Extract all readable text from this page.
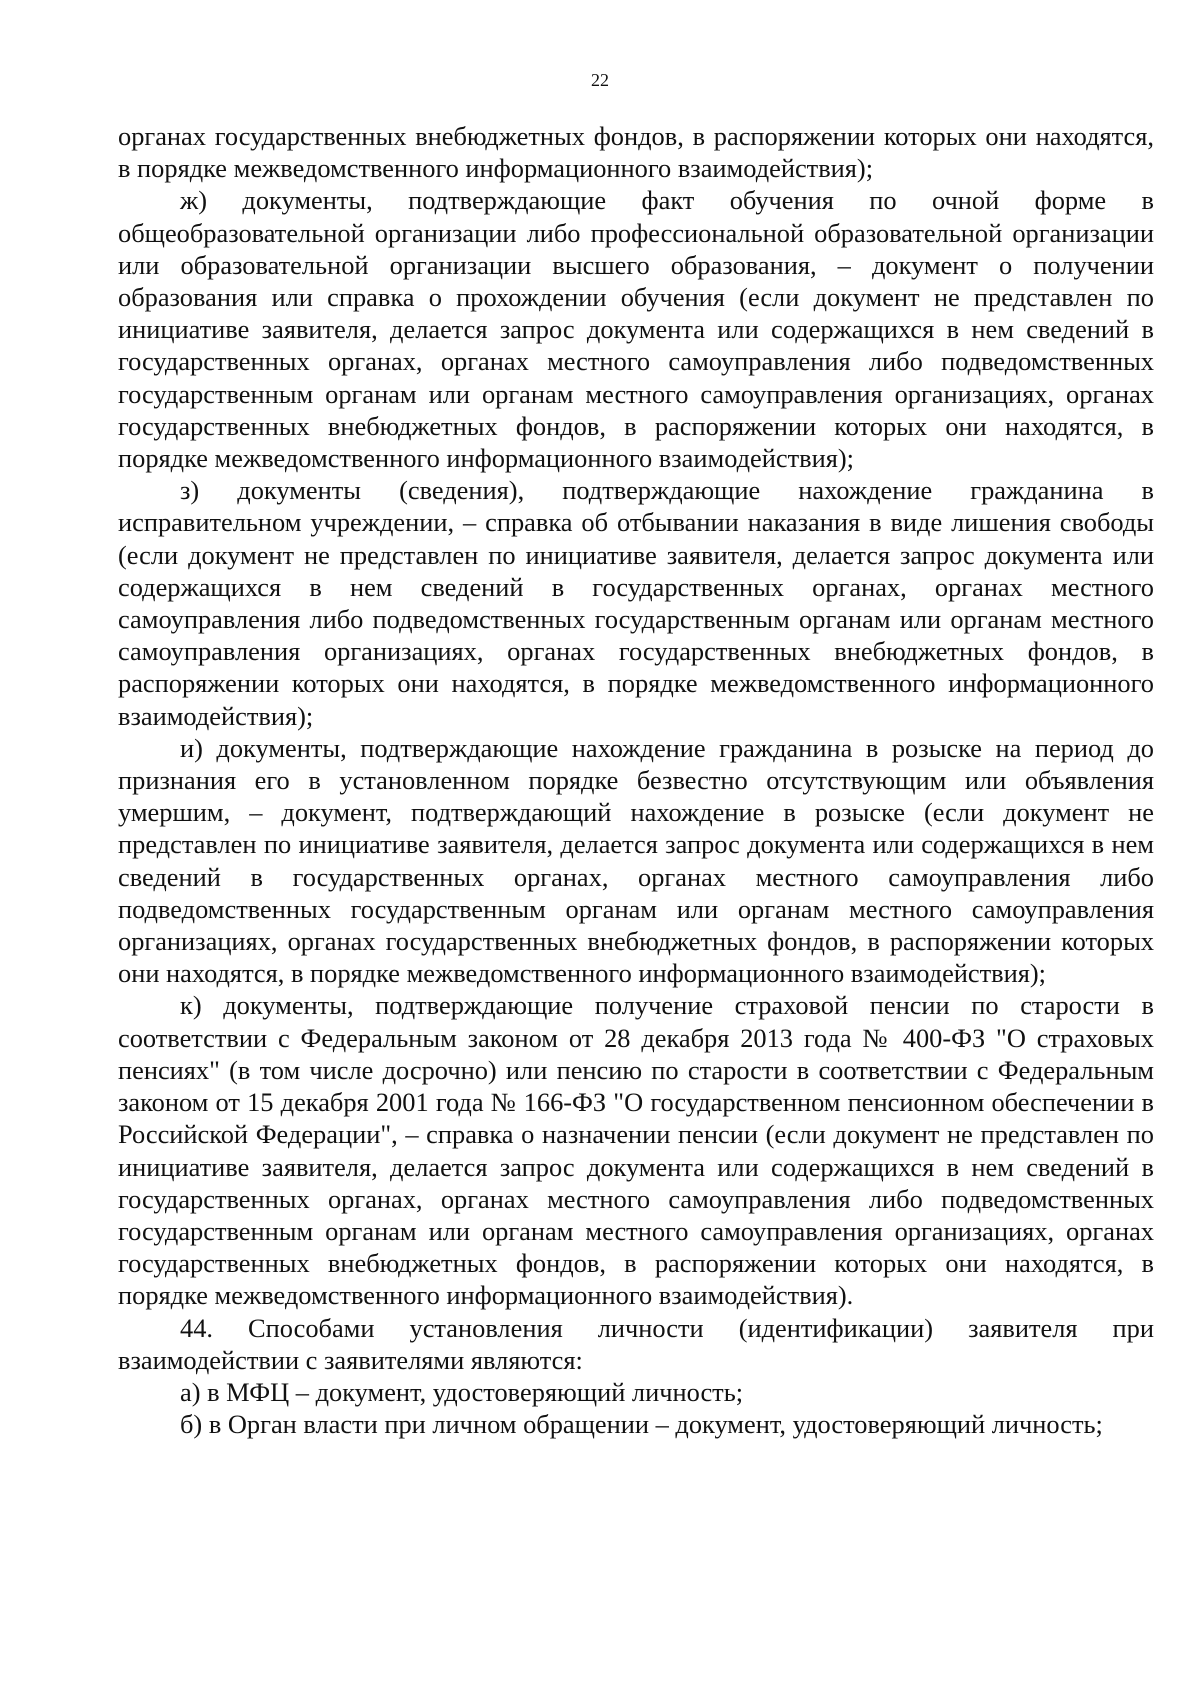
22

органах государственных внебюджетных фондов, в распоряжении которых они находятся, в порядке межведомственного информационного взаимодействия);

ж) документы, подтверждающие факт обучения по очной форме в общеобразовательной организации либо профессиональной образовательной организации или образовательной организации высшего образования, – документ о получении образования или справка о прохождении обучения (если документ не представлен по инициативе заявителя, делается запрос документа или содержащихся в нем сведений в государственных органах, органах местного самоуправления либо подведомственных государственным органам или органам местного самоуправления организациях, органах государственных внебюджетных фондов, в распоряжении которых они находятся, в порядке межведомственного информационного взаимодействия);

з) документы (сведения), подтверждающие нахождение гражданина в исправительном учреждении, – справка об отбывании наказания в виде лишения свободы (если документ не представлен по инициативе заявителя, делается запрос документа или содержащихся в нем сведений в государственных органах, органах местного самоуправления либо подведомственных государственным органам или органам местного самоуправления организациях, органах государственных внебюджетных фондов, в распоряжении которых они находятся, в порядке межведомственного информационного взаимодействия);

и) документы, подтверждающие нахождение гражданина в розыске на период до признания его в установленном порядке безвестно отсутствующим или объявления умершим, – документ, подтверждающий нахождение в розыске (если документ не представлен по инициативе заявителя, делается запрос документа или содержащихся в нем сведений в государственных органах, органах местного самоуправления либо подведомственных государственным органам или органам местного самоуправления организациях, органах государственных внебюджетных фондов, в распоряжении которых они находятся, в порядке межведомственного информационного взаимодействия);

к) документы, подтверждающие получение страховой пенсии по старости в соответствии с Федеральным законом от 28 декабря 2013 года № 400-ФЗ "О страховых пенсиях" (в том числе досрочно) или пенсию по старости в соответствии с Федеральным законом от 15 декабря 2001 года № 166-ФЗ "О государственном пенсионном обеспечении в Российской Федерации", – справка о назначении пенсии (если документ не представлен по инициативе заявителя, делается запрос документа или содержащихся в нем сведений в государственных органах, органах местного самоуправления либо подведомственных государственным органам или органам местного самоуправления организациях, органах государственных внебюджетных фондов, в распоряжении которых они находятся, в порядке межведомственного информационного взаимодействия).

44. Способами установления личности (идентификации) заявителя при взаимодействии с заявителями являются:

а) в МФЦ – документ, удостоверяющий личность;

б) в Орган власти при личном обращении – документ, удостоверяющий личность;
